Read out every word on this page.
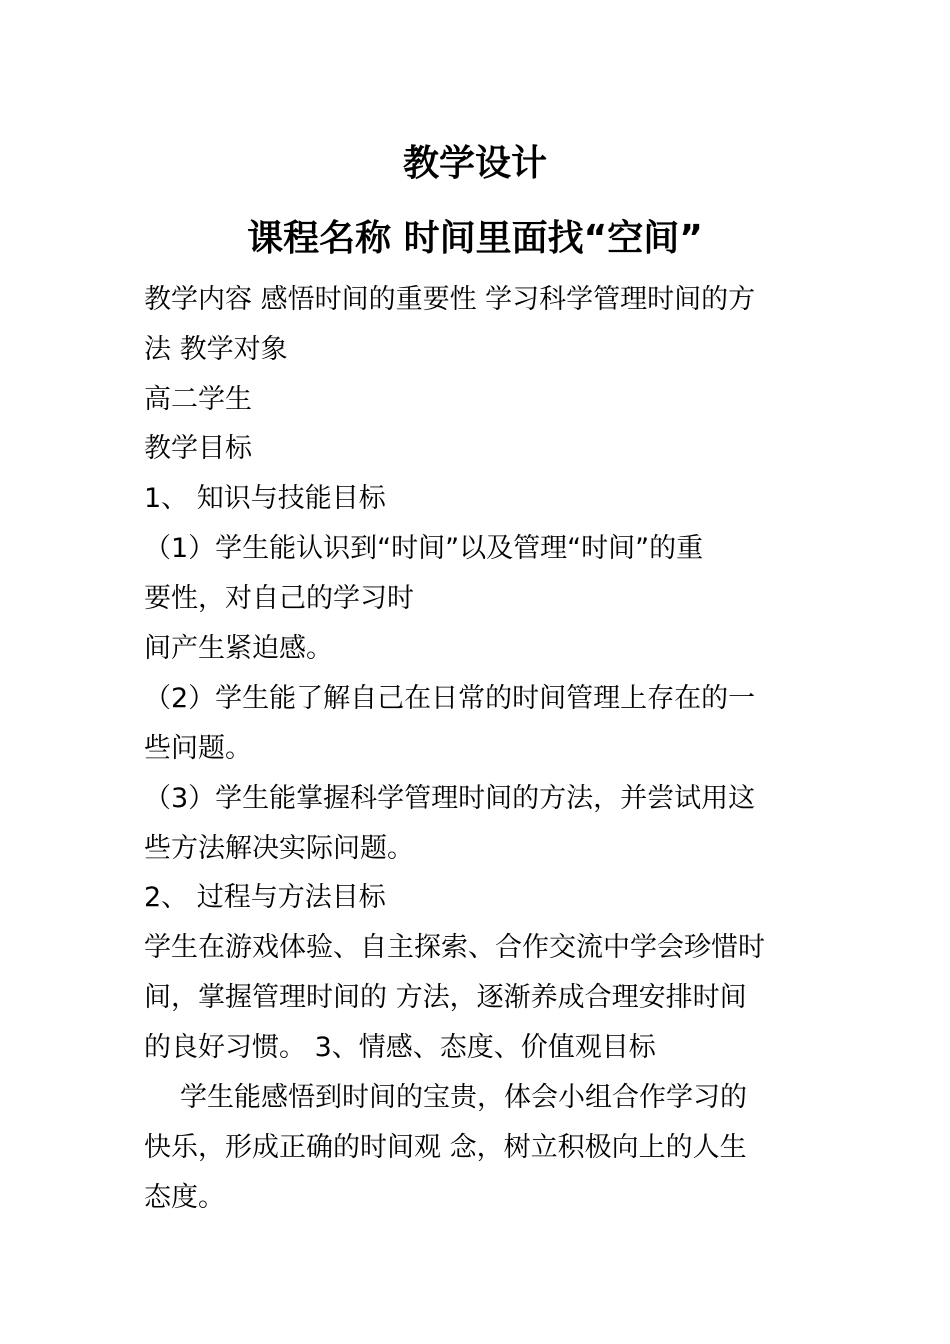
教学设计
课程名称 时间里面找“空间”
教学内容 感悟时间的重要性 学习科学管理时间的方
法 教学对象
高二学生
教学目标
1、 知识与技能目标
（1）学生能认识到“时间”以及管理“时间”的重
要性，对自己的学习时
间产生紧迫感。
（2）学生能了解自己在日常的时间管理上存在的一
些问题。
（3）学生能掌握科学管理时间的方法，并尝试用这
些方法解决实际问题。
2、 过程与方法目标
学生在游戏体验、自主探索、合作交流中学会珍惜时
间，掌握管理时间的 方法，逐渐养成合理安排时间
的良好习惯。 3、情感、态度、价值观目标
学生能感悟到时间的宝贵，体会小组合作学习的
快乐，形成正确的时间观 念，树立积极向上的人生
态度。
